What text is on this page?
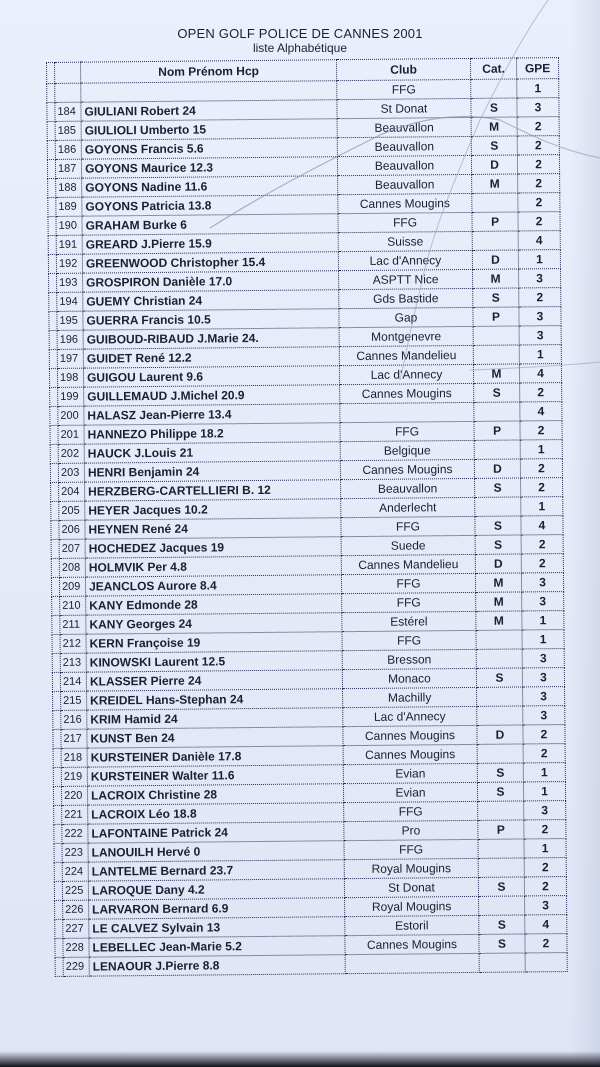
OPEN GOLF POLICE DE CANNES 2001
liste Alphabétique
		Nom Prénom Hcp	Club	Cat.	GPE
			FFG		1
	184	GIULIANI Robert 24	St Donat	S	3
	185	GIULIOLI Umberto 15	Beauvallon	M	2
	186	GOYONS Francis 5.6	Beauvallon	S	2
	187	GOYONS Maurice 12.3	Beauvallon	D	2
	188	GOYONS Nadine 11.6	Beauvallon	M	2
	189	GOYONS Patricia 13.8	Cannes Mougins		2
	190	GRAHAM Burke 6	FFG	P	2
	191	GREARD J.Pierre 15.9	Suisse		4
	192	GREENWOOD Christopher 15.4	Lac d'Annecy	D	1
	193	GROSPIRON Danièle 17.0	ASPTT Nice	M	3
	194	GUEMY Christian 24	Gds Bastide	S	2
	195	GUERRA Francis 10.5	Gap	P	3
	196	GUIBOUD-RIBAUD J.Marie 24.	Montgenevre		3
	197	GUIDET René 12.2	Cannes Mandelieu		1
	198	GUIGOU Laurent 9.6	Lac d'Annecy	M	4
	199	GUILLEMAUD J.Michel 20.9	Cannes Mougins	S	2
	200	HALASZ Jean-Pierre 13.4			4
	201	HANNEZO Philippe 18.2	FFG	P	2
	202	HAUCK J.Louis 21	Belgique		1
	203	HENRI Benjamin 24	Cannes Mougins	D	2
	204	HERZBERG-CARTELLIERI B. 12	Beauvallon	S	2
	205	HEYER Jacques 10.2	Anderlecht		1
	206	HEYNEN René 24	FFG	S	4
	207	HOCHEDEZ Jacques 19	Suede	S	2
	208	HOLMVIK Per 4.8	Cannes Mandelieu	D	2
	209	JEANCLOS Aurore 8.4	FFG	M	3
	210	KANY Edmonde 28	FFG	M	3
	211	KANY Georges 24	Estérel	M	1
	212	KERN Françoise 19	FFG		1
	213	KINOWSKI Laurent 12.5	Bresson		3
	214	KLASSER Pierre 24	Monaco	S	3
	215	KREIDEL Hans-Stephan 24	Machilly		3
	216	KRIM Hamid 24	Lac d'Annecy		3
	217	KUNST Ben 24	Cannes Mougins	D	2
	218	KURSTEINER Danièle 17.8	Cannes Mougins		2
	219	KURSTEINER Walter 11.6	Evian	S	1
	220	LACROIX Christine 28	Evian	S	1
	221	LACROIX Léo 18.8	FFG		3
	222	LAFONTAINE Patrick 24	Pro	P	2
	223	LANOUILH Hervé 0	FFG		1
	224	LANTELME Bernard 23.7	Royal Mougins		2
	225	LAROQUE Dany 4.2	St Donat	S	2
	226	LARVARON Bernard 6.9	Royal Mougins		3
	227	LE CALVEZ Sylvain 13	Estoril	S	4
	228	LEBELLEC Jean-Marie 5.2	Cannes Mougins	S	2
	229	LENAOUR J.Pierre 8.8			
